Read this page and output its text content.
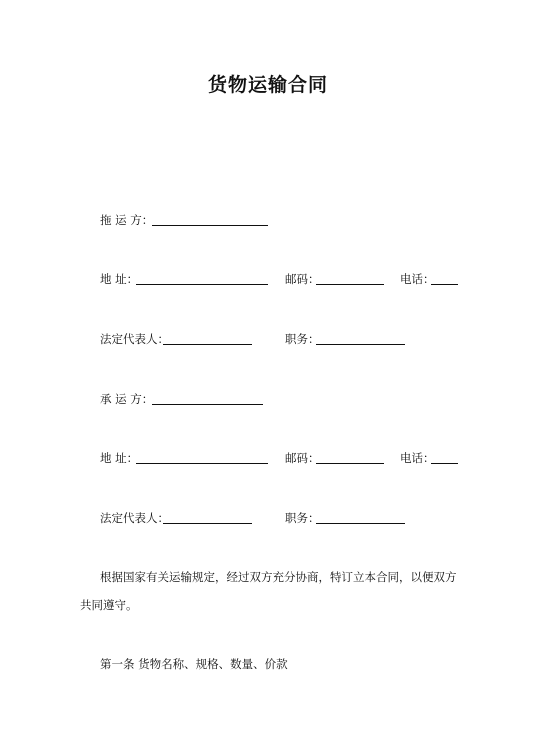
货物运输合同
拖 运 方：
地 址：	邮码：	电话：
法定代表人：	职务：
承 运 方：
地 址：	邮码：	电话：
法定代表人：	职务：
根据国家有关运输规定，经过双方充分协商，特订立本合同，以便双方共同遵守。
第一条 货物名称、规格、数量、价款
